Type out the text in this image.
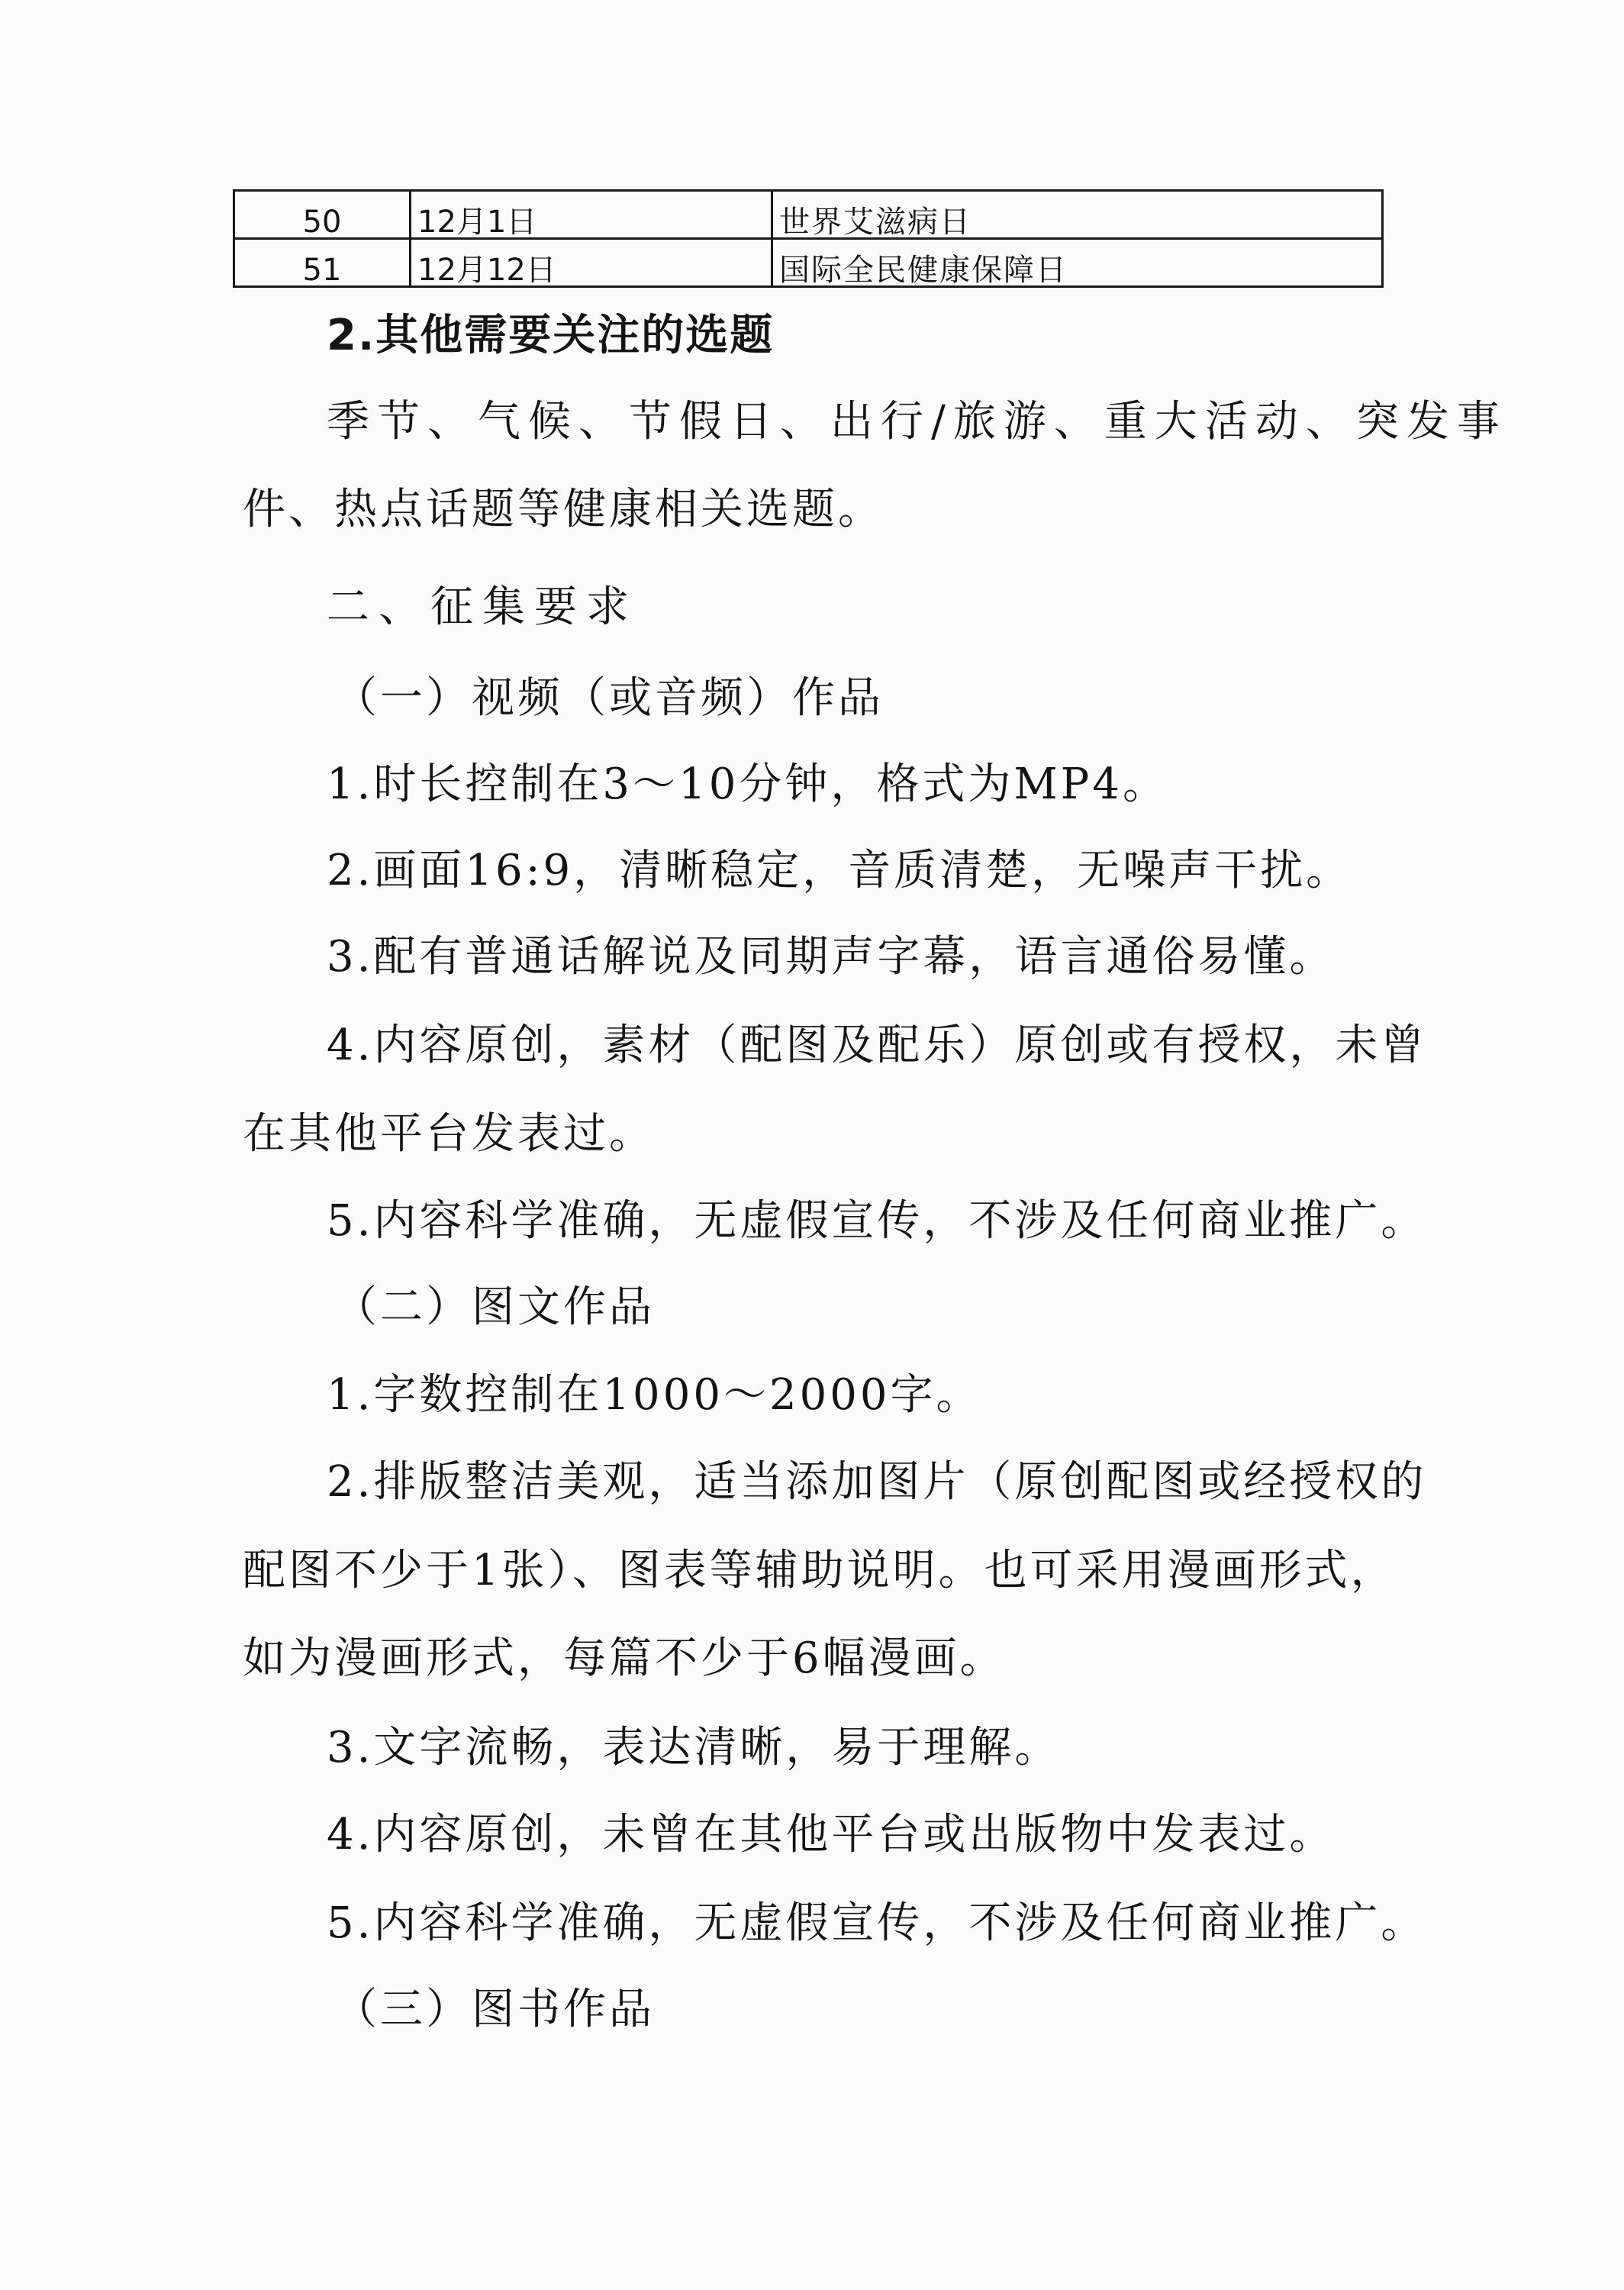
50	12月1日	世界艾滋病日
51	12月12日	国际全民健康保障日

2.其他需要关注的选题

季节、气候、节假日、出行/旅游、重大活动、突发事

件、热点话题等健康相关选题。

二、征集要求

（一）视频（或音频）作品

1.时长控制在3～10分钟，格式为MP4。

2.画面16:9，清晰稳定，音质清楚，无噪声干扰。

3.配有普通话解说及同期声字幕，语言通俗易懂。

4.内容原创，素材（配图及配乐）原创或有授权，未曾

在其他平台发表过。

5.内容科学准确，无虚假宣传，不涉及任何商业推广。

（二）图文作品

1.字数控制在1000～2000字。

2.排版整洁美观，适当添加图片（原创配图或经授权的

配图不少于1张）、图表等辅助说明。也可采用漫画形式，

如为漫画形式，每篇不少于6幅漫画。

3.文字流畅，表达清晰，易于理解。

4.内容原创，未曾在其他平台或出版物中发表过。

5.内容科学准确，无虚假宣传，不涉及任何商业推广。

（三）图书作品
